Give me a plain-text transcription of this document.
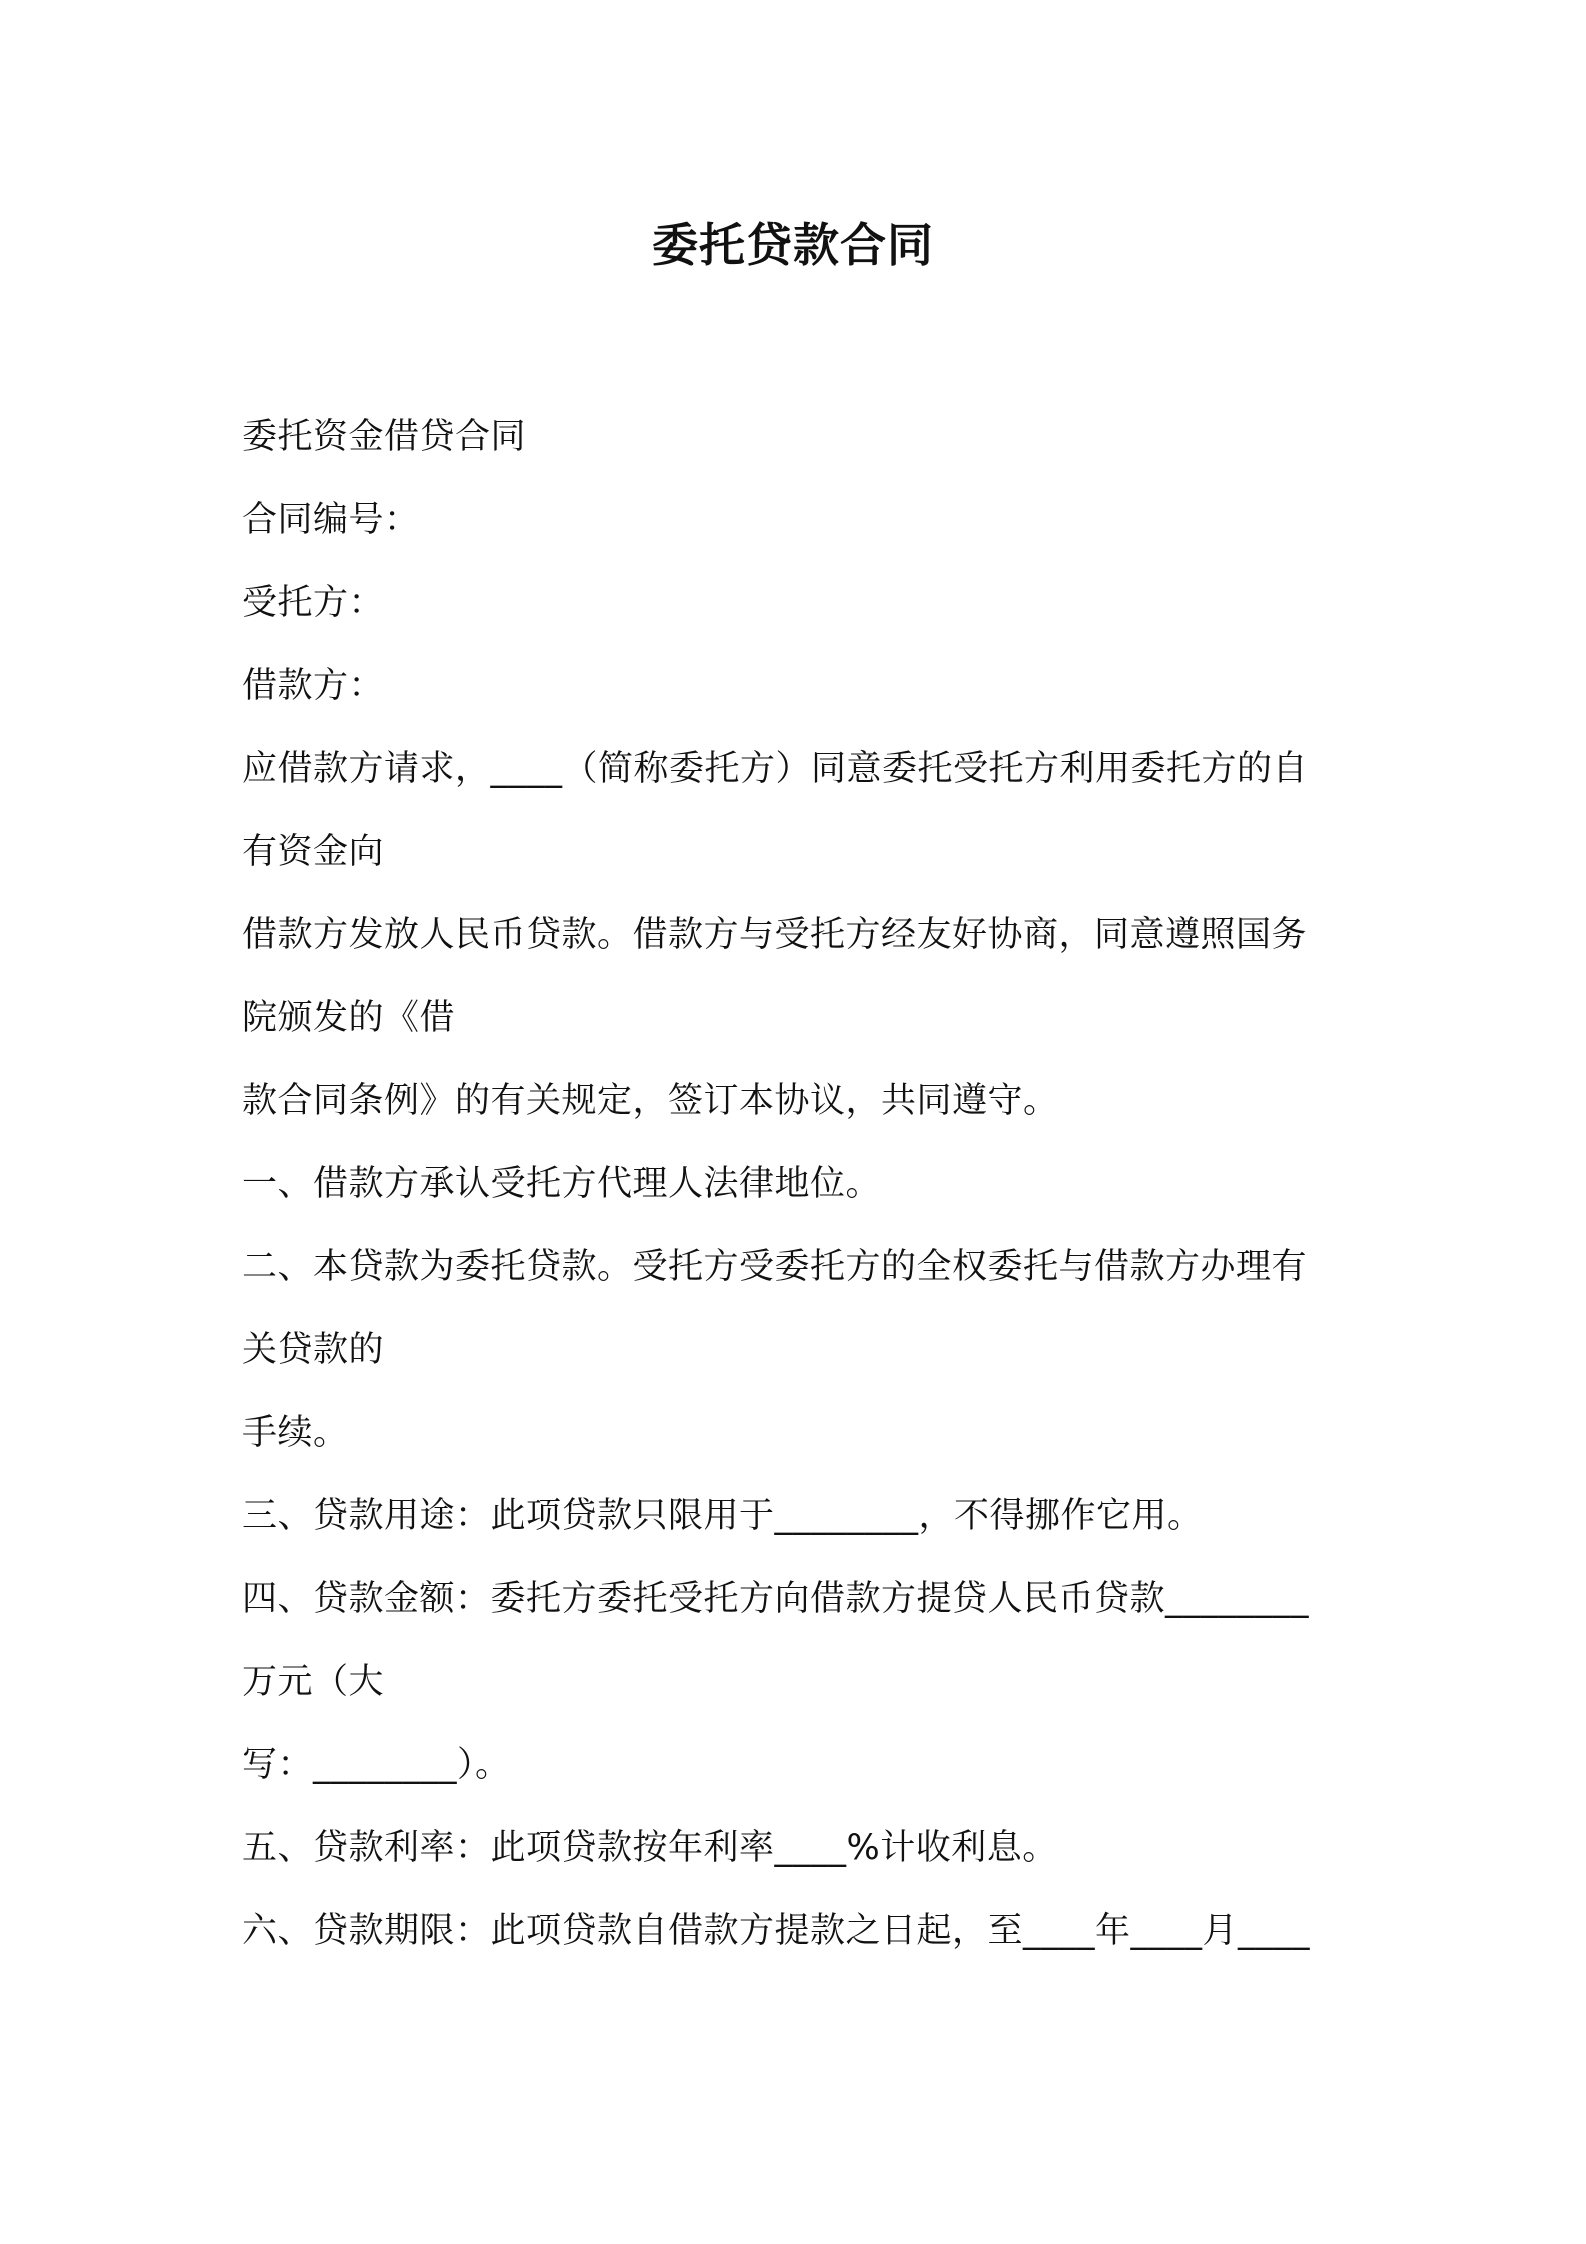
委托贷款合同
委托资金借贷合同
合同编号：
受托方：
借款方：
应借款方请求，____（简称委托方）同意委托受托方利用委托方的自
有资金向
借款方发放人民币贷款。借款方与受托方经友好协商，同意遵照国务
院颁发的《借
款合同条例》的有关规定，签订本协议，共同遵守。
一、借款方承认受托方代理人法律地位。
二、本贷款为委托贷款。受托方受委托方的全权委托与借款方办理有
关贷款的
手续。
三、贷款用途：此项贷款只限用于________，不得挪作它用。
四、贷款金额：委托方委托受托方向借款方提贷人民币贷款________
万元（大
写：________）。
五、贷款利率：此项贷款按年利率____%计收利息。
六、贷款期限：此项贷款自借款方提款之日起，至____年____月____
